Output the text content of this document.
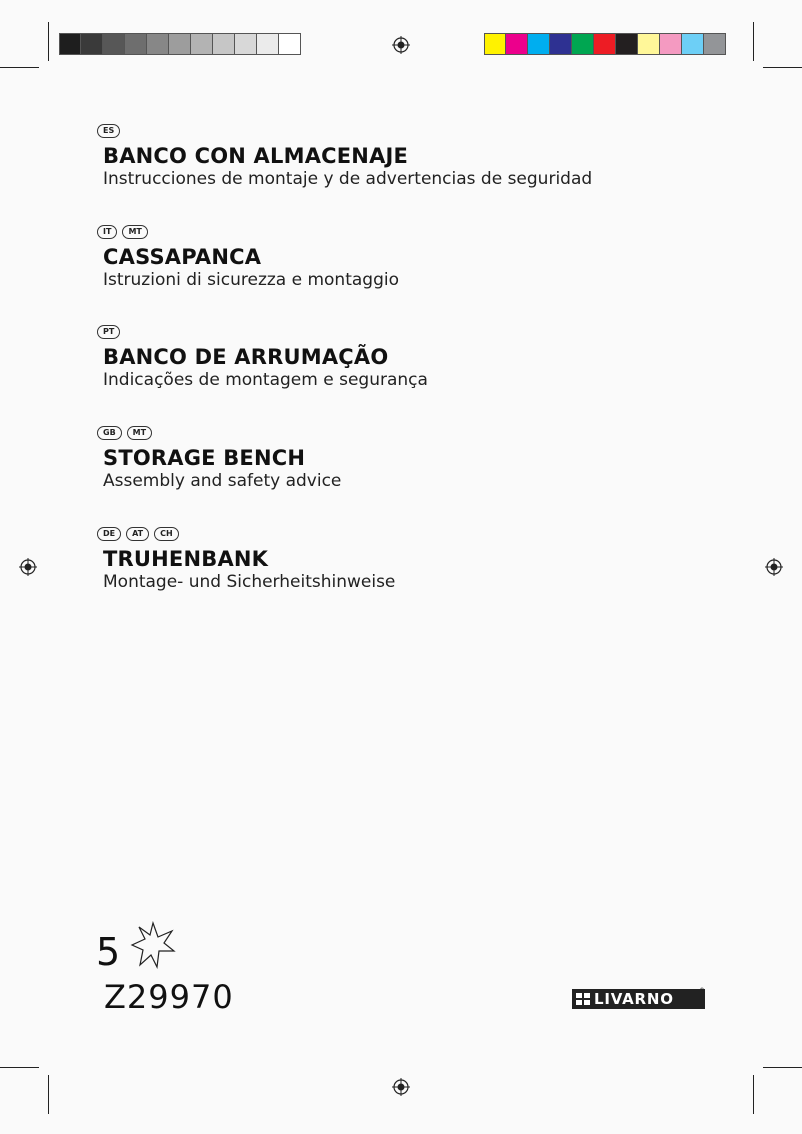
ES
BANCO CON ALMACENAJE
Instrucciones de montaje y de advertencias de seguridad
IT	MT
CASSAPANCA
Istruzioni di sicurezza e montaggio
PT
BANCO DE ARRUMAÇÃO
Indicações de montagem e segurança
GB	MT
STORAGE BENCH
Assembly and safety advice
DE	AT	CH
TRUHENBANK
Montage- und Sicherheitshinweise
5
Z29970	LIVARNO	®
